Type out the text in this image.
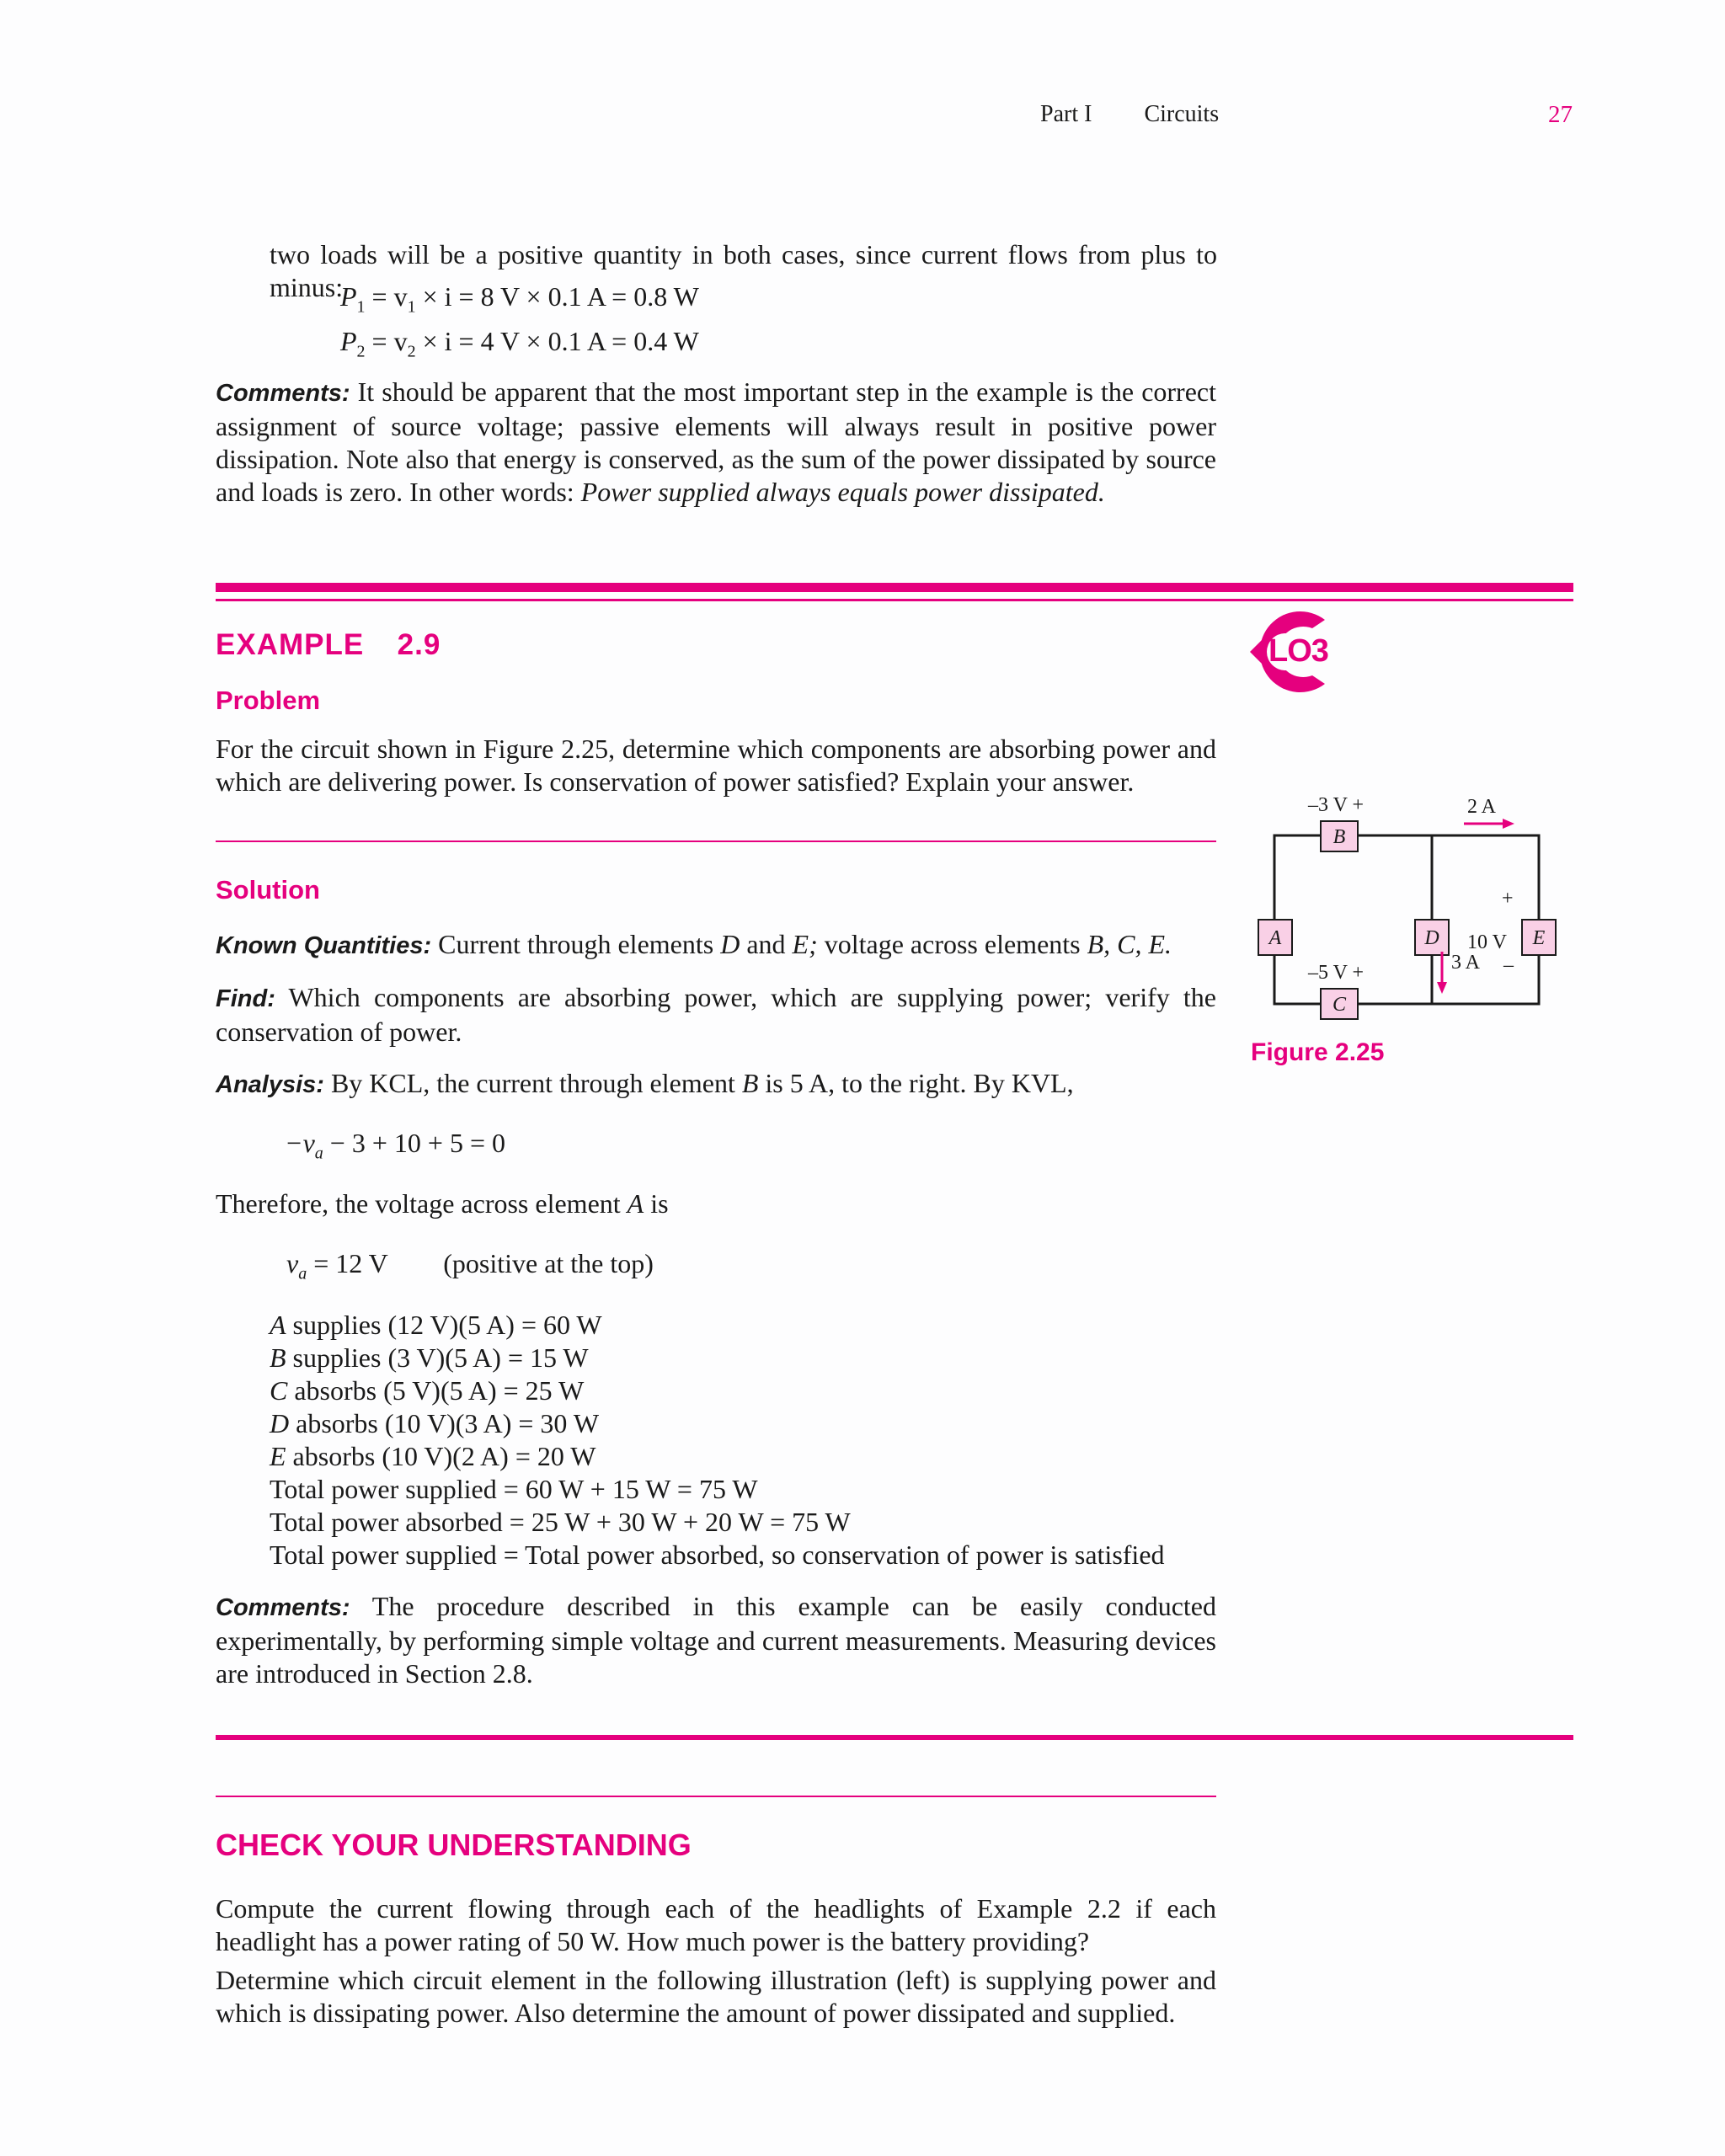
Part I Circuits	27
two loads will be a positive quantity in both cases, since current flows from plus to minus:
$P_1 = v_1 \times i = 8$ V × 0.1 A = 0.8 W
$P_2 = v_2 \times i = 4$ V × 0.1 A = 0.4 W
Comments: It should be apparent that the most important step in the example is the correct assignment of source voltage; passive elements will always result in positive power dissipation. Note also that energy is conserved, as the sum of the power dissipated by source and loads is zero. In other words: Power supplied always equals power dissipated.
EXAMPLE 2.9	LO3
Problem
For the circuit shown in Figure 2.25, determine which components are absorbing power and which are delivering power. Is conservation of power satisfied? Explain your answer.
Solution
Known Quantities: Current through elements D and E; voltage across elements B, C, E.
Find: Which components are absorbing power, which are supplying power; verify the conservation of power.
Analysis: By KCL, the current through element B is 5 A, to the right. By KVL,
$-v_a - 3 + 10 + 5 = 0$
Therefore, the voltage across element A is
$v_a = 12$ V (positive at the top)
A supplies (12 V)(5 A) = 60 W
B supplies (3 V)(5 A) = 15 W
C absorbs (5 V)(5 A) = 25 W
D absorbs (10 V)(3 A) = 30 W
E absorbs (10 V)(2 A) = 20 W
Total power supplied = 60 W + 15 W = 75 W
Total power absorbed = 25 W + 30 W + 20 W = 75 W
Total power supplied = Total power absorbed, so conservation of power is satisfied
Comments: The procedure described in this example can be easily conducted experimentally, by performing simple voltage and current measurements. Measuring devices are introduced in Section 2.8.
B
C
A	D	E
–3 V +
–5 V +
2 A
10 V
+
–
3 A
Figure 2.25
CHECK YOUR UNDERSTANDING
Compute the current flowing through each of the headlights of Example 2.2 if each headlight has a power rating of 50 W. How much power is the battery providing?
Determine which circuit element in the following illustration (left) is supplying power and which is dissipating power. Also determine the amount of power dissipated and supplied.
